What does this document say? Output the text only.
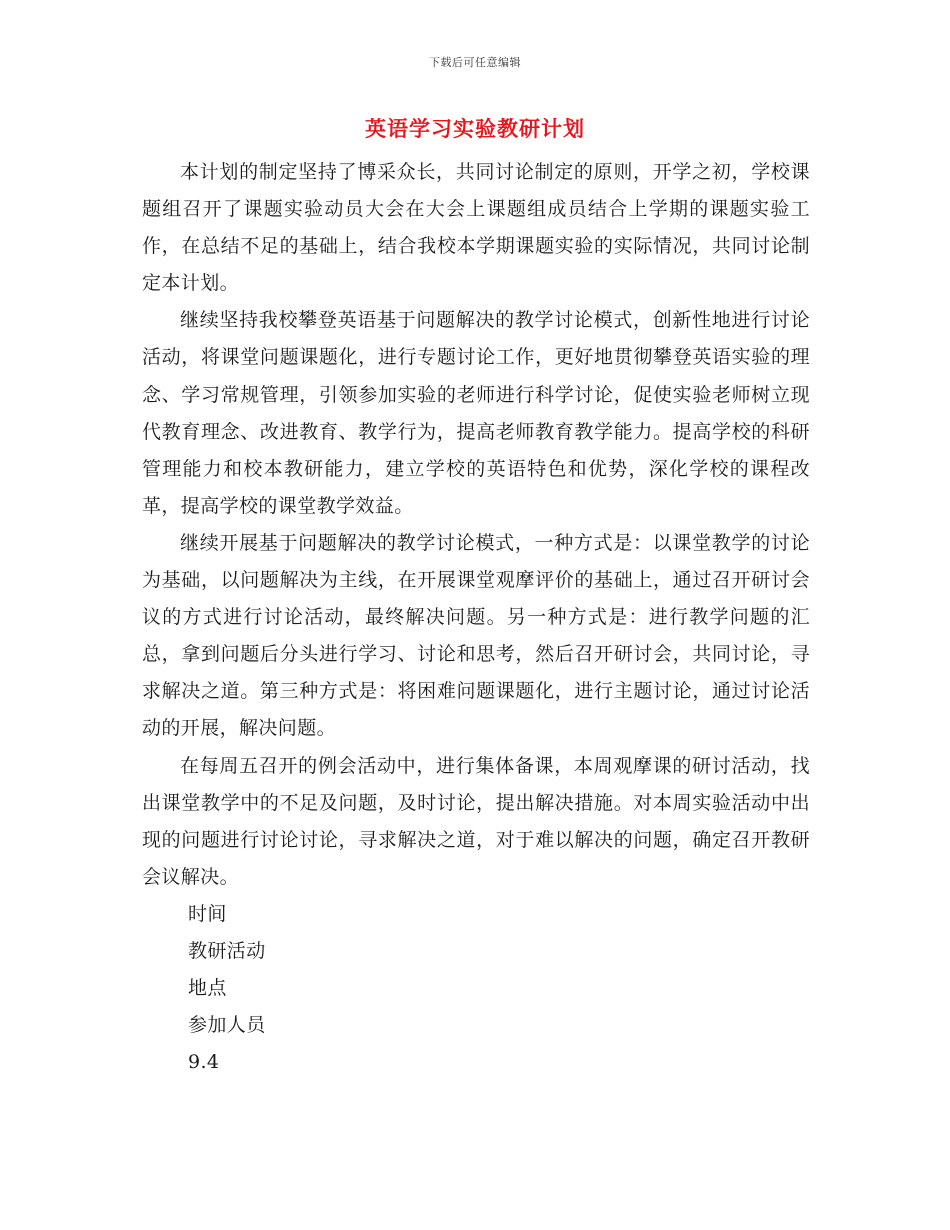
下载后可任意编辑
英语学习实验教研计划

本计划的制定坚持了博采众长，共同讨论制定的原则，开学之初，学校课题组召开了课题实验动员大会在大会上课题组成员结合上学期的课题实验工作，在总结不足的基础上，结合我校本学期课题实验的实际情况，共同讨论制定本计划。

继续坚持我校攀登英语基于问题解决的教学讨论模式，创新性地进行讨论活动，将课堂问题课题化，进行专题讨论工作，更好地贯彻攀登英语实验的理念、学习常规管理，引领参加实验的老师进行科学讨论，促使实验老师树立现代教育理念、改进教育、教学行为，提高老师教育教学能力。提高学校的科研管理能力和校本教研能力，建立学校的英语特色和优势，深化学校的课程改革，提高学校的课堂教学效益。

继续开展基于问题解决的教学讨论模式，一种方式是：以课堂教学的讨论为基础，以问题解决为主线，在开展课堂观摩评价的基础上，通过召开研讨会议的方式进行讨论活动，最终解决问题。另一种方式是：进行教学问题的汇总，拿到问题后分头进行学习、讨论和思考，然后召开研讨会，共同讨论，寻求解决之道。第三种方式是：将困难问题课题化，进行主题讨论，通过讨论活动的开展，解决问题。

在每周五召开的例会活动中，进行集体备课，本周观摩课的研讨活动，找出课堂教学中的不足及问题，及时讨论，提出解决措施。对本周实验活动中出现的问题进行讨论讨论，寻求解决之道，对于难以解决的问题，确定召开教研会议解决。

时间
教研活动
地点
参加人员
9.4
